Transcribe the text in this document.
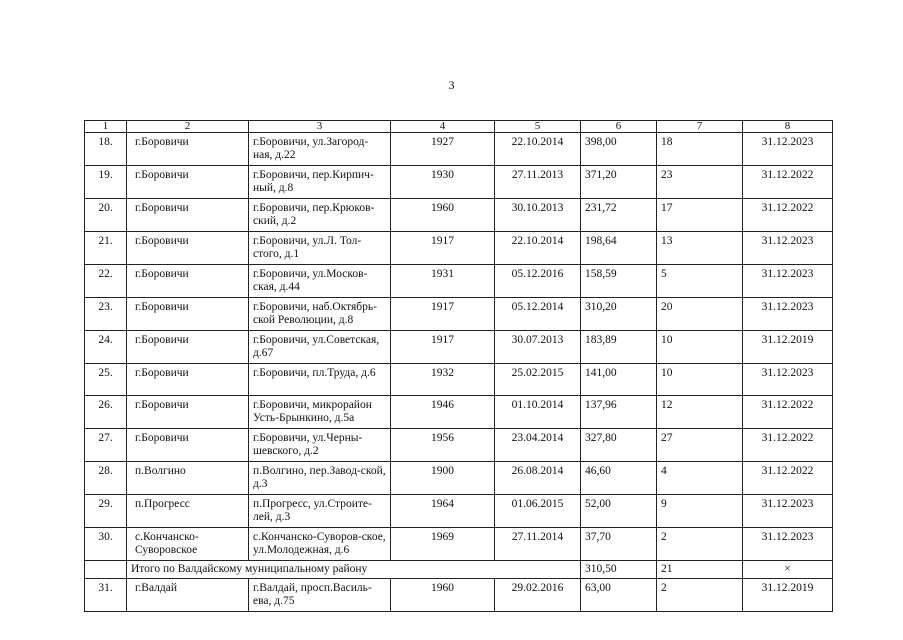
3
1	2	3	4	5	6	7	8
18.	г.Боровичи	г.Боровичи, ул.Загород-ная, д.22	1927	22.10.2014	398,00	18	31.12.2023
19.	г.Боровичи	г.Боровичи, пер.Кирпич-ный, д.8	1930	27.11.2013	371,20	23	31.12.2022
20.	г.Боровичи	г.Боровичи, пер.Крюков-ский, д.2	1960	30.10.2013	231,72	17	31.12.2022
21.	г.Боровичи	г.Боровичи, ул.Л. Тол-стого, д.1	1917	22.10.2014	198,64	13	31.12.2023
22.	г.Боровичи	г.Боровичи, ул.Москов-ская, д.44	1931	05.12.2016	158,59	5	31.12.2023
23.	г.Боровичи	г.Боровичи, наб.Октябрь-ской Революции, д.8	1917	05.12.2014	310,20	20	31.12.2023
24.	г.Боровичи	г.Боровичи, ул.Советская, д.67	1917	30.07.2013	183,89	10	31.12.2019
25.	г.Боровичи	г.Боровичи, пл.Труда, д.6	1932	25.02.2015	141,00	10	31.12.2023
26.	г.Боровичи	г.Боровичи, микрорайон Усть-Брынкино, д.5а	1946	01.10.2014	137,96	12	31.12.2022
27.	г.Боровичи	г.Боровичи, ул.Черны-шевского, д.2	1956	23.04.2014	327,80	27	31.12.2022
28.	п.Волгино	п.Волгино, пер.Завод-ской, д.3	1900	26.08.2014	46,60	4	31.12.2022
29.	п.Прогресс	п.Прогресс, ул.Строите-лей, д.3	1964	01.06.2015	52,00	9	31.12.2023
30.	с.Кончанско-Суворовское	с.Кончанско-Суворов-ское, ул.Молодежная, д.6	1969	27.11.2014	37,70	2	31.12.2023
	Итого по Валдайскому муниципальному району				310,50	21	×
31.	г.Валдай	г.Валдай, просп.Василь-ева, д.75	1960	29.02.2016	63,00	2	31.12.2019
